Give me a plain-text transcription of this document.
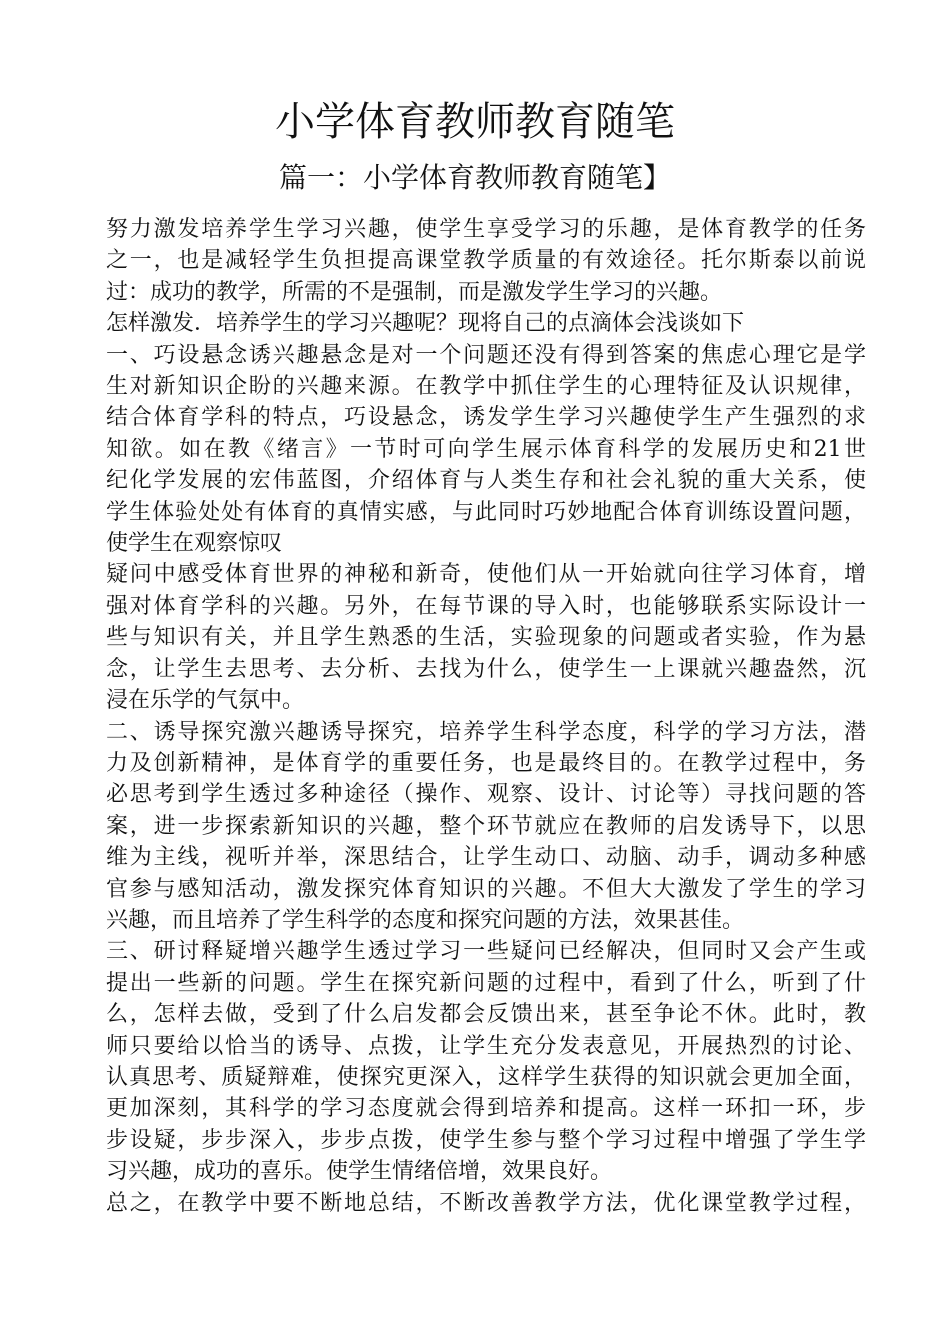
小学体育教师教育随笔
篇一：小学体育教师教育随笔】
努力激发培养学生学习兴趣，使学生享受学习的乐趣，是体育教学的任务
之一，也是减轻学生负担提高课堂教学质量的有效途径。托尔斯泰以前说
过：成功的教学，所需的不是强制，而是激发学生学习的兴趣。
怎样激发．培养学生的学习兴趣呢？现将自己的点滴体会浅谈如下
一、巧设悬念诱兴趣悬念是对一个问题还没有得到答案的焦虑心理它是学
生对新知识企盼的兴趣来源。在教学中抓住学生的心理特征及认识规律，
结合体育学科的特点，巧设悬念，诱发学生学习兴趣使学生产生强烈的求
知欲。如在教《绪言》一节时可向学生展示体育科学的发展历史和21世
纪化学发展的宏伟蓝图，介绍体育与人类生存和社会礼貌的重大关系，使
学生体验处处有体育的真情实感，与此同时巧妙地配合体育训练设置问题，
使学生在观察惊叹
疑问中感受体育世界的神秘和新奇，使他们从一开始就向往学习体育，增
强对体育学科的兴趣。另外，在每节课的导入时，也能够联系实际设计一
些与知识有关，并且学生熟悉的生活，实验现象的问题或者实验，作为悬
念，让学生去思考、去分析、去找为什么，使学生一上课就兴趣盎然，沉
浸在乐学的气氛中。
二、诱导探究激兴趣诱导探究，培养学生科学态度，科学的学习方法，潜
力及创新精神，是体育学的重要任务，也是最终目的。在教学过程中，务
必思考到学生透过多种途径（操作、观察、设计、讨论等）寻找问题的答
案，进一步探索新知识的兴趣，整个环节就应在教师的启发诱导下，以思
维为主线，视听并举，深思结合，让学生动口、动脑、动手，调动多种感
官参与感知活动，激发探究体育知识的兴趣。不但大大激发了学生的学习
兴趣，而且培养了学生科学的态度和探究问题的方法，效果甚佳。
三、研讨释疑增兴趣学生透过学习一些疑问已经解决，但同时又会产生或
提出一些新的问题。学生在探究新问题的过程中，看到了什么，听到了什
么，怎样去做，受到了什么启发都会反馈出来，甚至争论不休。此时，教
师只要给以恰当的诱导、点拨，让学生充分发表意见，开展热烈的讨论、
认真思考、质疑辩难，使探究更深入，这样学生获得的知识就会更加全面，
更加深刻，其科学的学习态度就会得到培养和提高。这样一环扣一环，步
步设疑，步步深入，步步点拨，使学生参与整个学习过程中增强了学生学
习兴趣，成功的喜乐。使学生情绪倍增，效果良好。
总之，在教学中要不断地总结，不断改善教学方法，优化课堂教学过程，
